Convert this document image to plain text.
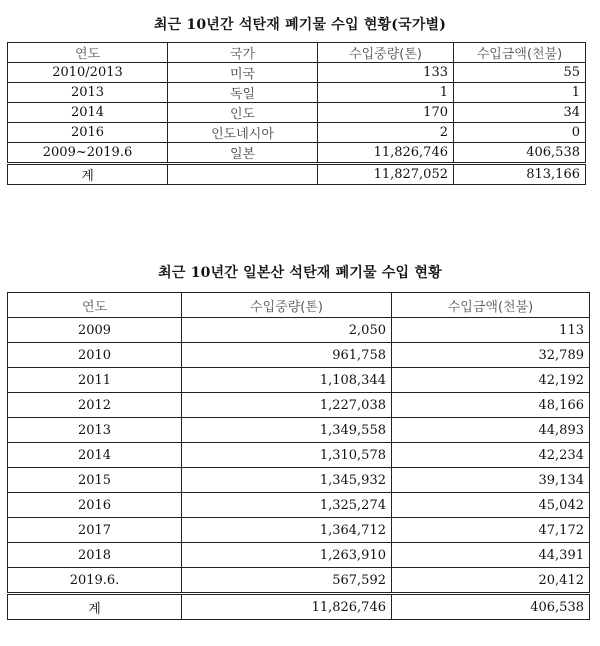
최근 10년간 석탄재 폐기물 수입 현황(국가별)
연도	국가	수입중량(톤)	수입금액(천불)
2010/2013	미국	133	55
2013	독일	1	1
2014	인도	170	34
2016	인도네시아	2	0
2009~2019.6	일본	11,826,746	406,538
계		11,827,052	813,166
최근 10년간 일본산 석탄재 폐기물 수입 현황
연도	수입중량(톤)	수입금액(천불)
2009	2,050	113
2010	961,758	32,789
2011	1,108,344	42,192
2012	1,227,038	48,166
2013	1,349,558	44,893
2014	1,310,578	42,234
2015	1,345,932	39,134
2016	1,325,274	45,042
2017	1,364,712	47,172
2018	1,263,910	44,391
2019.6.	567,592	20,412
계	11,826,746	406,538
